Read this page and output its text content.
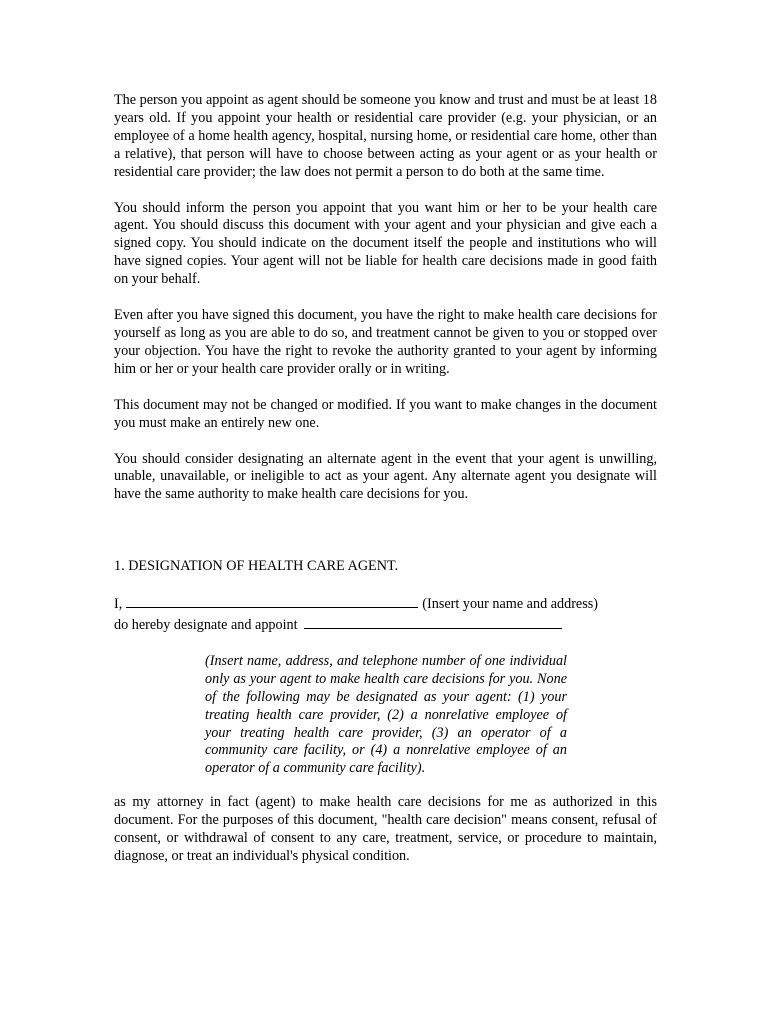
The person you appoint as agent should be someone you know and trust and must be at least 18 years old. If you appoint your health or residential care provider (e.g. your physician, or an employee of a home health agency, hospital, nursing home, or residential care home, other than a relative), that person will have to choose between acting as your agent or as your health or residential care provider; the law does not permit a person to do both at the same time.

You should inform the person you appoint that you want him or her to be your health care agent. You should discuss this document with your agent and your physician and give each a signed copy. You should indicate on the document itself the people and institutions who will have signed copies. Your agent will not be liable for health care decisions made in good faith on your behalf.

Even after you have signed this document, you have the right to make health care decisions for yourself as long as you are able to do so, and treatment cannot be given to you or stopped over your objection. You have the right to revoke the authority granted to your agent by informing him or her or your health care provider orally or in writing.

This document may not be changed or modified. If you want to make changes in the document you must make an entirely new one.

You should consider designating an alternate agent in the event that your agent is unwilling, unable, unavailable, or ineligible to act as your agent. Any alternate agent you designate will have the same authority to make health care decisions for you.

1. DESIGNATION OF HEALTH CARE AGENT.

I,	(Insert your name and address)

do hereby designate and appoint

(Insert name, address, and telephone number of one individual only as your agent to make health care decisions for you. None of the following may be designated as your agent: (1) your treating health care provider, (2) a nonrelative employee of your treating health care provider, (3) an operator of a community care facility, or (4) a nonrelative employee of an operator of a community care facility).

as my attorney in fact (agent) to make health care decisions for me as authorized in this document. For the purposes of this document, "health care decision" means consent, refusal of consent, or withdrawal of consent to any care, treatment, service, or procedure to maintain, diagnose, or treat an individual's physical condition.
